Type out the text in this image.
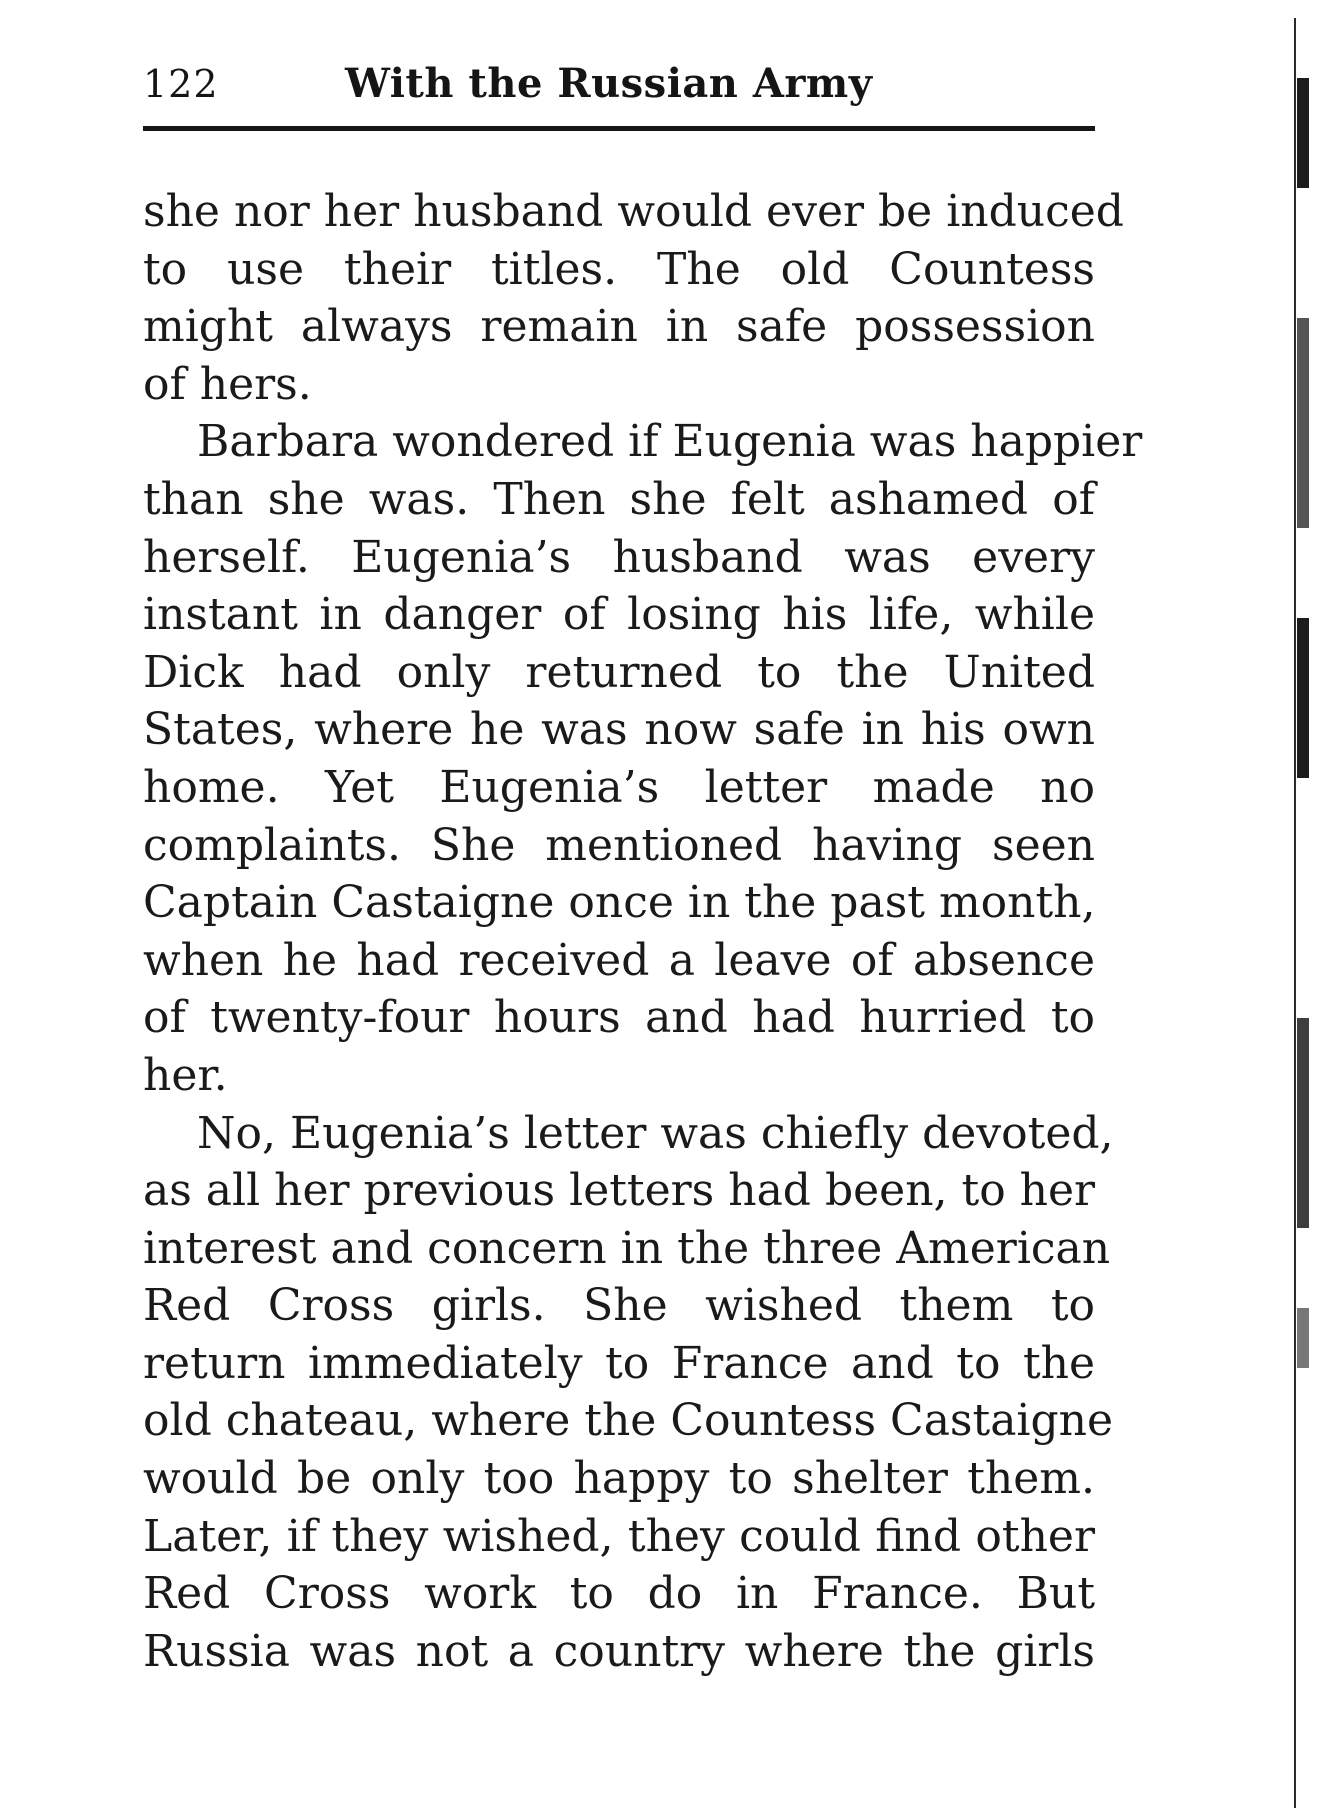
122	With the Russian Army
she nor her husband would ever be induced
to use their titles. The old Countess
might always remain in safe possession
of hers.
Barbara wondered if Eugenia was happier
than she was. Then she felt ashamed of
herself. Eugenia’s husband was every
instant in danger of losing his life, while
Dick had only returned to the United
States, where he was now safe in his own
home. Yet Eugenia’s letter made no
complaints. She mentioned having seen
Captain Castaigne once in the past month,
when he had received a leave of absence
of twenty-four hours and had hurried to
her.
No, Eugenia’s letter was chiefly devoted,
as all her previous letters had been, to her
interest and concern in the three American
Red Cross girls. She wished them to
return immediately to France and to the
old chateau, where the Countess Castaigne
would be only too happy to shelter them.
Later, if they wished, they could find other
Red Cross work to do in France. But
Russia was not a country where the girls
